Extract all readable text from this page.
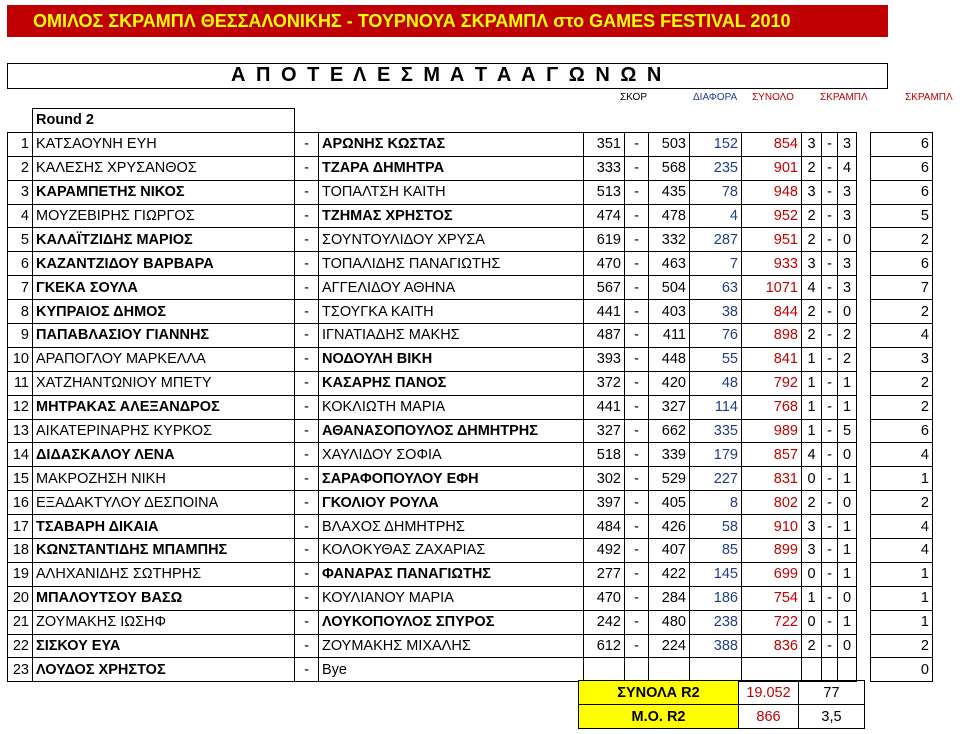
ΟΜΙΛΟΣ ΣΚΡΑΜΠΛ ΘΕΣΣΑΛΟΝΙΚΗΣ - ΤΟΥΡΝΟΥΑ ΣΚΡΑΜΠΛ στο GAMES FESTIVAL 2010
Α Π Ο Τ Ε Λ Ε Σ Μ Α Τ Α Α Γ Ω Ν Ω Ν
ΣΚΟΡ	ΔΙΑΦΟΡΑ ΣΥΝΟΛΟ	ΣΚΡΑΜΠΛ	ΣΚΡΑΜΠΛ
	Round 2												
1	ΚΑΤΣΑΟΥΝΗ ΕΥΗ	-	ΑΡΩΝΗΣ ΚΩΣΤΑΣ	351	-	503	152	854	3	-	3		6
2	ΚΑΛΕΣΗΣ ΧΡΥΣΑΝΘΟΣ	-	ΤΖΑΡΑ ΔΗΜΗΤΡΑ	333	-	568	235	901	2	-	4		6
3	ΚΑΡΑΜΠΕΤΗΣ ΝΙΚΟΣ	-	ΤΟΠΑΛΤΣΗ ΚΑΙΤΗ	513	-	435	78	948	3	-	3		6
4	ΜΟΥΖΕΒΙΡΗΣ ΓΙΩΡΓΟΣ	-	ΤΖΗΜΑΣ ΧΡΗΣΤΟΣ	474	-	478	4	952	2	-	3		5
5	ΚΑΛΑΪΤΖΙΔΗΣ ΜΑΡΙΟΣ	-	ΣΟΥΝΤΟΥΛΙΔΟΥ ΧΡΥΣΑ	619	-	332	287	951	2	-	0		2
6	ΚΑΖΑΝΤΖΙΔΟΥ ΒΑΡΒΑΡΑ	-	ΤΟΠΑΛΙΔΗΣ ΠΑΝΑΓΙΩΤΗΣ	470	-	463	7	933	3	-	3		6
7	ΓΚΕΚΑ ΣΟΥΛΑ	-	ΑΓΓΕΛΙΔΟΥ ΑΘΗΝΑ	567	-	504	63	1071	4	-	3		7
8	ΚΥΠΡΑΙΟΣ ΔΗΜΟΣ	-	ΤΣΟΥΓΚΑ ΚΑΙΤΗ	441	-	403	38	844	2	-	0		2
9	ΠΑΠΑΒΛΑΣΙΟΥ ΓΙΑΝΝΗΣ	-	ΙΓΝΑΤΙΑΔΗΣ ΜΑΚΗΣ	487	-	411	76	898	2	-	2		4
10	ΑΡΑΠΟΓΛΟΥ ΜΑΡΚΕΛΛΑ	-	ΝΟΔΟΥΛΗ ΒΙΚΗ	393	-	448	55	841	1	-	2		3
11	ΧΑΤΖΗΑΝΤΩΝΙΟΥ ΜΠΕΤΥ	-	ΚΑΣΑΡΗΣ ΠΑΝΟΣ	372	-	420	48	792	1	-	1		2
12	ΜΗΤΡΑΚΑΣ ΑΛΕΞΑΝΔΡΟΣ	-	ΚΟΚΛΙΩΤΗ ΜΑΡΙΑ	441	-	327	114	768	1	-	1		2
13	ΑΙΚΑΤΕΡΙΝΑΡΗΣ ΚΥΡΚΟΣ	-	ΑΘΑΝΑΣΟΠΟΥΛΟΣ ΔΗΜΗΤΡΗΣ	327	-	662	335	989	1	-	5		6
14	ΔΙΔΑΣΚΑΛΟΥ ΛΕΝΑ	-	ΧΑΥΛΙΔΟΥ ΣΟΦΙΑ	518	-	339	179	857	4	-	0		4
15	ΜΑΚΡΟΖΗΣΗ ΝΙΚΗ	-	ΣΑΡΑΦΟΠΟΥΛΟΥ ΕΦΗ	302	-	529	227	831	0	-	1		1
16	ΕΞΑΔΑΚΤΥΛΟΥ ΔΕΣΠΟΙΝΑ	-	ΓΚΟΛΙΟΥ ΡΟΥΛΑ	397	-	405	8	802	2	-	0		2
17	ΤΣΑΒΑΡΗ ΔΙΚΑΙΑ	-	ΒΛΑΧΟΣ ΔΗΜΗΤΡΗΣ	484	-	426	58	910	3	-	1		4
18	ΚΩΝΣΤΑΝΤΙΔΗΣ ΜΠΑΜΠΗΣ	-	ΚΟΛΟΚΥΘΑΣ ΖΑΧΑΡΙΑΣ	492	-	407	85	899	3	-	1		4
19	ΑΛΗΧΑΝΙΔΗΣ ΣΩΤΗΡΗΣ	-	ΦΑΝΑΡΑΣ ΠΑΝΑΓΙΩΤΗΣ	277	-	422	145	699	0	-	1		1
20	ΜΠΑΛΟΥΤΣΟΥ ΒΑΣΩ	-	ΚΟΥΛΙΑΝΟΥ ΜΑΡΙΑ	470	-	284	186	754	1	-	0		1
21	ΖΟΥΜΑΚΗΣ ΙΩΣΗΦ	-	ΛΟΥΚΟΠΟΥΛΟΣ ΣΠΥΡΟΣ	242	-	480	238	722	0	-	1		1
22	ΣΙΣΚΟΥ ΕΥΑ	-	ΖΟΥΜΑΚΗΣ ΜΙΧΑΛΗΣ	612	-	224	388	836	2	-	0		2
23	ΛΟΥΔΟΣ ΧΡΗΣΤΟΣ	-	Bye										0
ΣΥΝΟΛΑ R2	19.052	77
Μ.Ο. R2	866	3,5
